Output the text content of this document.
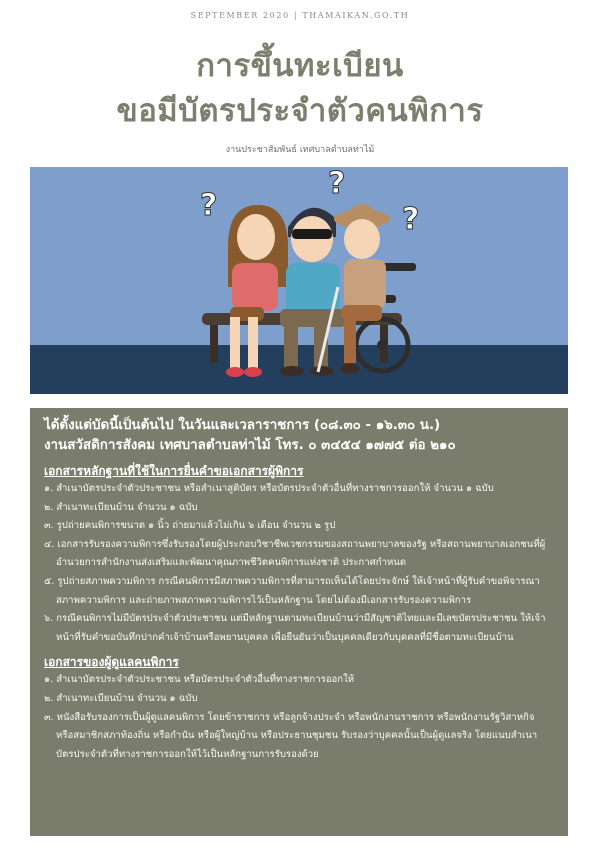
SEPTEMBER 2020 | THAMAIKAN.GO.TH
การขึ้นทะเบียน
ขอมีบัตรประจำตัวคนพิการ
งานประชาสัมพันธ์ เทศบาลตำบลท่าไม้
?
?
?
ได้ตั้งแต่บัดนี้เป็นต้นไป ในวันและเวลาราชการ (๐๘.๓๐ - ๑๖.๓๐ น.)
งานสวัสดิการสังคม เทศบาลตำบลท่าไม้ โทร. ๐ ๓๔๕๔ ๑๗๗๕ ต่อ ๒๑๐
เอกสารหลักฐานที่ใช้ในการยื่นคำขอเอกสารผู้พิการ
๑. สำเนาบัตรประจำตัวประชาชน หรือสำเนาสูติบัตร หรือบัตรประจำตัวอื่นที่ทางราชการออกให้ จำนวน ๑ ฉบับ
๒. สำเนาทะเบียนบ้าน จำนวน ๑ ฉบับ
๓. รูปถ่ายคนพิการขนาด ๑ นิ้ว ถ่ายมาแล้วไม่เกิน ๖ เดือน จำนวน ๒ รูป
๔. เอกสารรับรองความพิการซึ่งรับรองโดยผู้ประกอบวิชาชีพเวชกรรมของสถานพยาบาลของรัฐ หรือสถานพยาบาลเอกชนที่ผู้อำนวยการสำนักงานส่งเสริมและพัฒนาคุณภาพชีวิตคนพิการแห่งชาติ ประกาศกำหนด
๕. รูปถ่ายสภาพความพิการ กรณีคนพิการมีสภาพความพิการที่สามารถเห็นได้โดยประจักษ์ ให้เจ้าหน้าที่ผู้รับคำขอพิจารณา สภาพความพิการ และถ่ายภาพสภาพความพิการไว้เป็นหลักฐาน โดยไม่ต้องมีเอกสารรับรองความพิการ
๖. กรณีคนพิการไม่มีบัตรประจำตัวประชาชน แต่มีหลักฐานตามทะเบียนบ้านว่ามีสัญชาติไทยและมีเลขบัตรประชาชน ให้เจ้าหน้าที่รับคำขอบันทึกปากคำเจ้าบ้านหรือพยานบุคคล เพื่อยืนยันว่าเป็นบุคคลเดียวกับบุคคลที่มีชื่อตามทะเบียนบ้าน
เอกสารของผู้ดูแลคนพิการ
๑. สำเนาบัตรประจำตัวประชาชน หรือบัตรประจำตัวอื่นที่ทางราชการออกให้
๒. สำเนาทะเบียนบ้าน จำนวน ๑ ฉบับ
๓. หนังสือรับรองการเป็นผู้ดูแลคนพิการ โดยข้าราชการ หรือลูกจ้างประจำ หรือพนักงานราชการ หรือพนักงานรัฐวิสาหกิจ หรือสมาชิกสภาท้องถิ่น หรือกำนัน หรือผู้ใหญ่บ้าน หรือประธานชุมชน รับรองว่าบุคคลนั้นเป็นผู้ดูแลจริง โดยแนบสำเนาบัตรประจำตัวที่ทางราชการออกให้ไว้เป็นหลักฐานการรับรองด้วย
